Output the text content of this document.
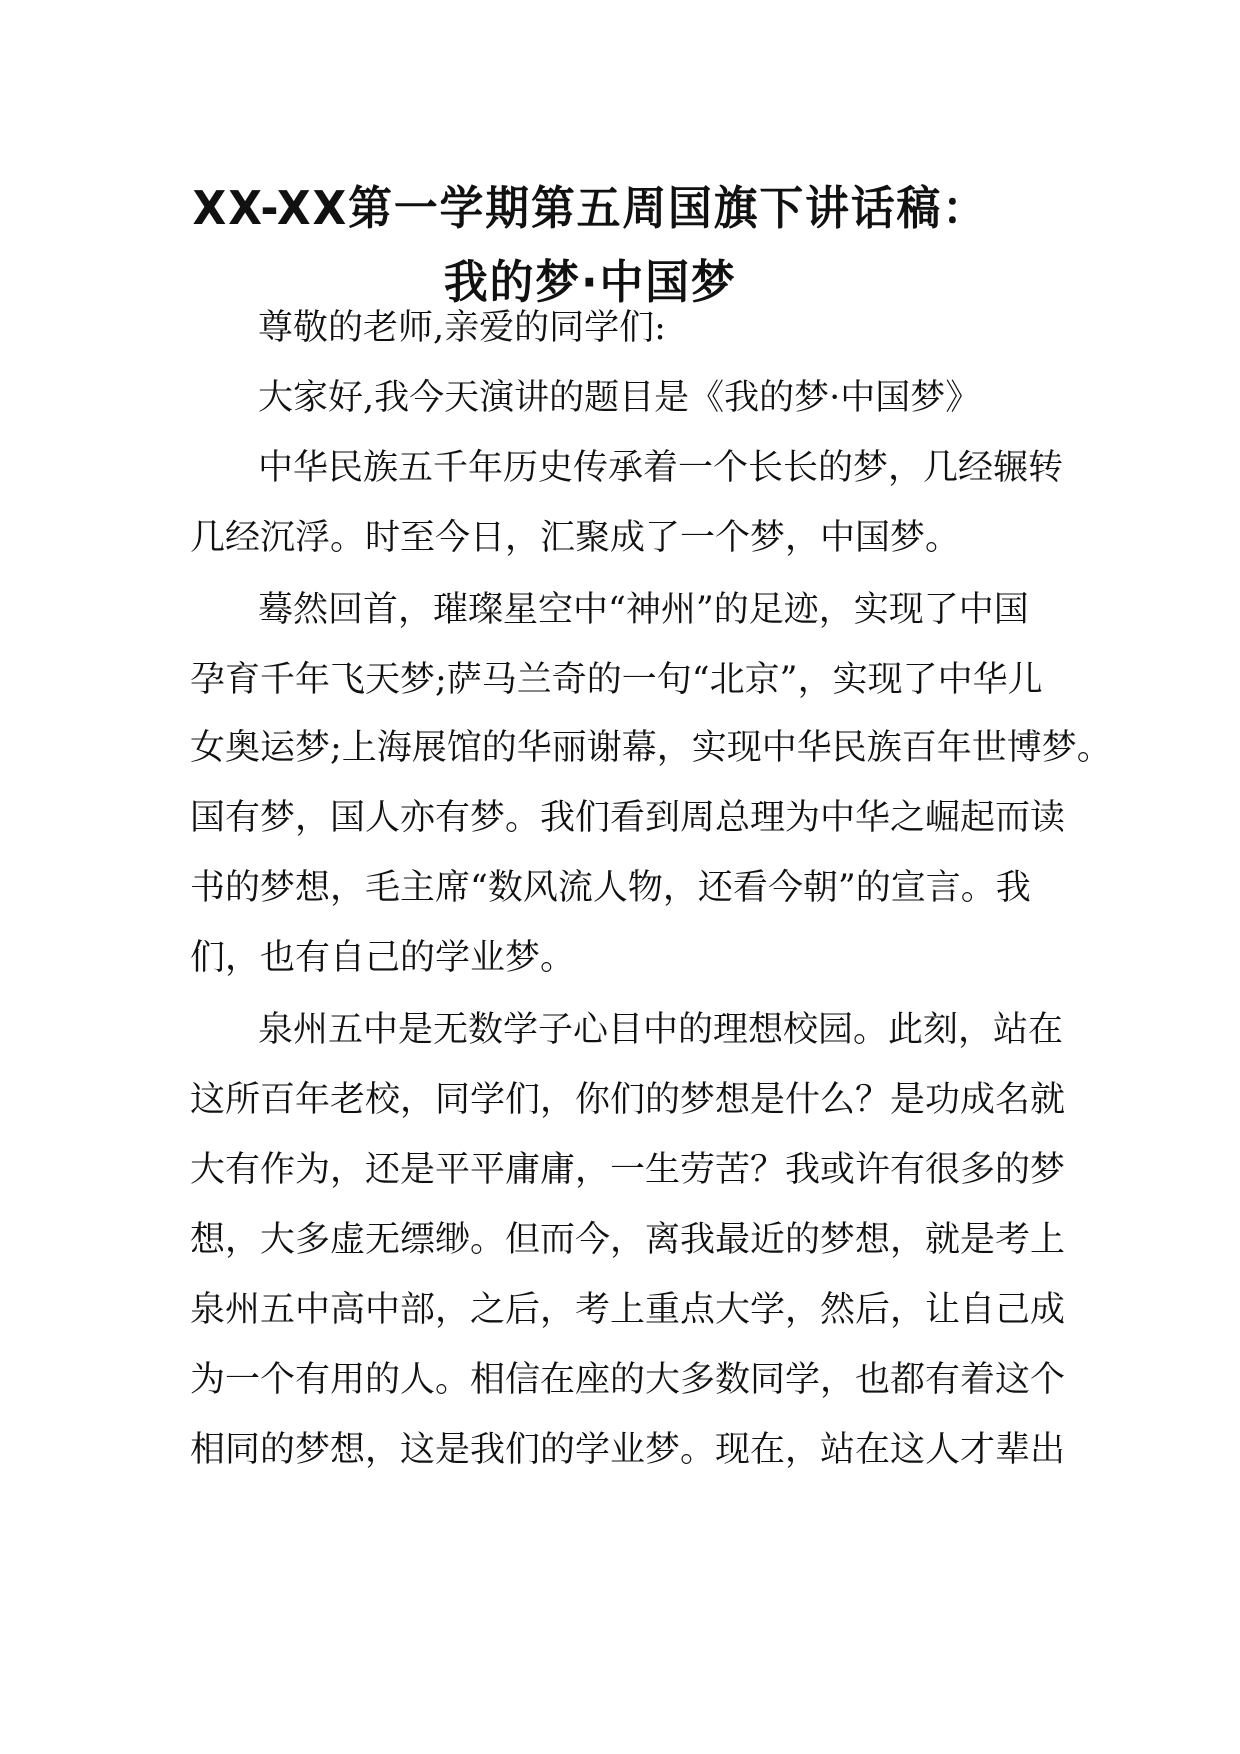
XX-XX第一学期第五周国旗下讲话稿：
我的梦·中国梦
尊敬的老师,亲爱的同学们:
大家好,我今天演讲的题目是《我的梦·中国梦》
中华民族五千年历史传承着一个长长的梦，几经辗转
几经沉浮。时至今日，汇聚成了一个梦，中国梦。
蓦然回首，璀璨星空中“神州”的足迹，实现了中国
孕育千年飞天梦;萨马兰奇的一句“北京”，实现了中华儿
女奥运梦;上海展馆的华丽谢幕，实现中华民族百年世博梦。
国有梦，国人亦有梦。我们看到周总理为中华之崛起而读
书的梦想，毛主席“数风流人物，还看今朝”的宣言。我
们，也有自己的学业梦。
泉州五中是无数学子心目中的理想校园。此刻，站在
这所百年老校，同学们，你们的梦想是什么？是功成名就
大有作为，还是平平庸庸，一生劳苦？我或许有很多的梦
想，大多虚无缥缈。但而今，离我最近的梦想，就是考上
泉州五中高中部，之后，考上重点大学，然后，让自己成
为一个有用的人。相信在座的大多数同学，也都有着这个
相同的梦想，这是我们的学业梦。现在，站在这人才辈出
